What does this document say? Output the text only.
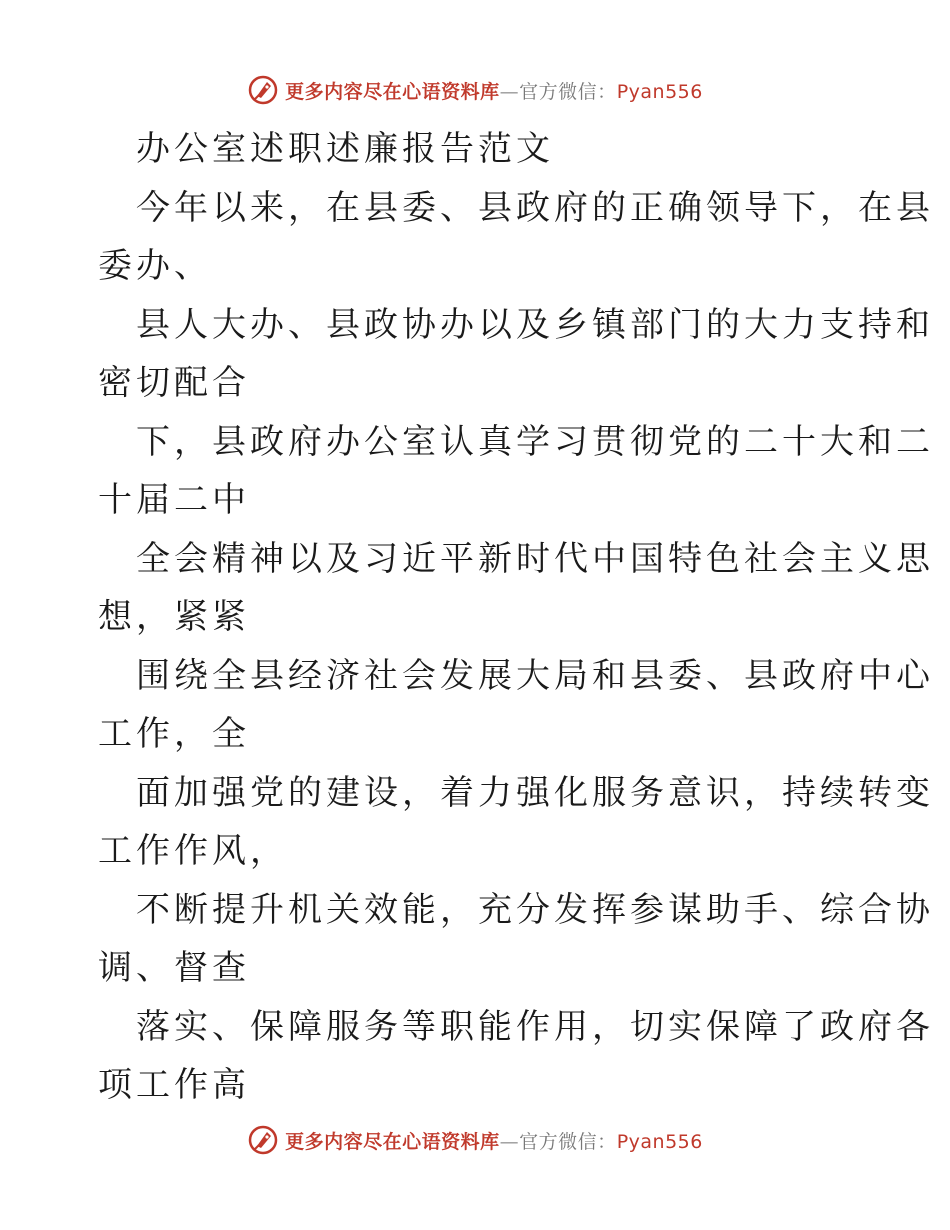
更多内容尽在心语资料库—官方微信：Pyan556
办公室述职述廉报告范文
今年以来，在县委、县政府的正确领导下，在县
委办、
县人大办、县政协办以及乡镇部门的大力支持和
密切配合
下，县政府办公室认真学习贯彻党的二十大和二
十届二中
全会精神以及习近平新时代中国特色社会主义思
想，紧紧
围绕全县经济社会发展大局和县委、县政府中心
工作，全
面加强党的建设，着力强化服务意识，持续转变
工作作风，
不断提升机关效能，充分发挥参谋助手、综合协
调、督查
落实、保障服务等职能作用，切实保障了政府各
项工作高
更多内容尽在心语资料库—官方微信：Pyan556
